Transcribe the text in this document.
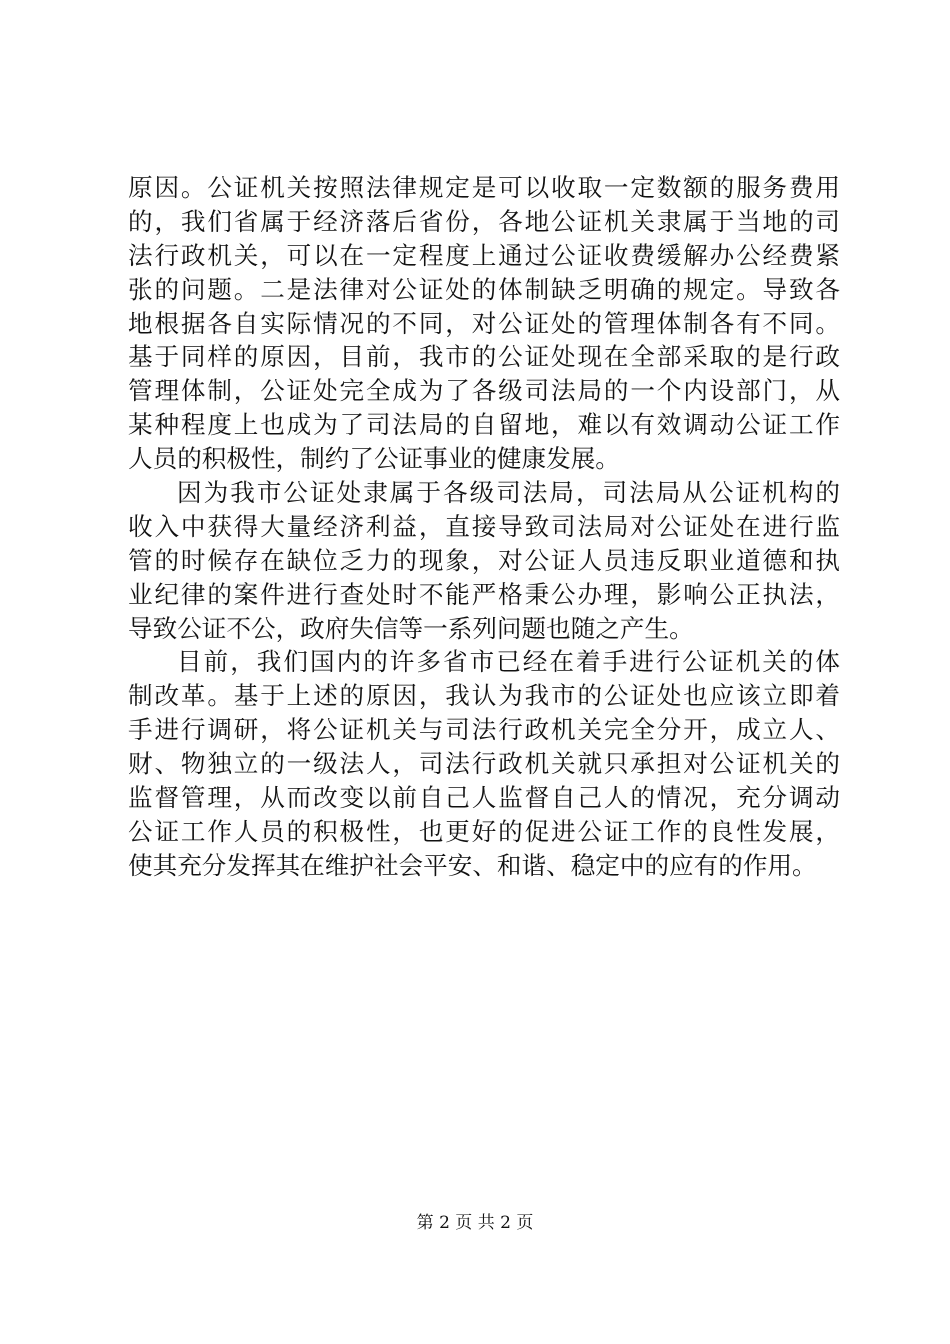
原因。公证机关按照法律规定是可以收取一定数额的服务费用
的，我们省属于经济落后省份，各地公证机关隶属于当地的司
法行政机关，可以在一定程度上通过公证收费缓解办公经费紧
张的问题。二是法律对公证处的体制缺乏明确的规定。导致各
地根据各自实际情况的不同，对公证处的管理体制各有不同。
基于同样的原因，目前，我市的公证处现在全部采取的是行政
管理体制，公证处完全成为了各级司法局的一个内设部门，从
某种程度上也成为了司法局的自留地，难以有效调动公证工作
人员的积极性，制约了公证事业的健康发展。
因为我市公证处隶属于各级司法局，司法局从公证机构的
收入中获得大量经济利益，直接导致司法局对公证处在进行监
管的时候存在缺位乏力的现象，对公证人员违反职业道德和执
业纪律的案件进行查处时不能严格秉公办理，影响公正执法，
导致公证不公，政府失信等一系列问题也随之产生。
目前，我们国内的许多省市已经在着手进行公证机关的体
制改革。基于上述的原因，我认为我市的公证处也应该立即着
手进行调研，将公证机关与司法行政机关完全分开，成立人、
财、物独立的一级法人，司法行政机关就只承担对公证机关的
监督管理，从而改变以前自己人监督自己人的情况，充分调动
公证工作人员的积极性，也更好的促进公证工作的良性发展，
使其充分发挥其在维护社会平安、和谐、稳定中的应有的作用。
第 2 页 共 2 页
